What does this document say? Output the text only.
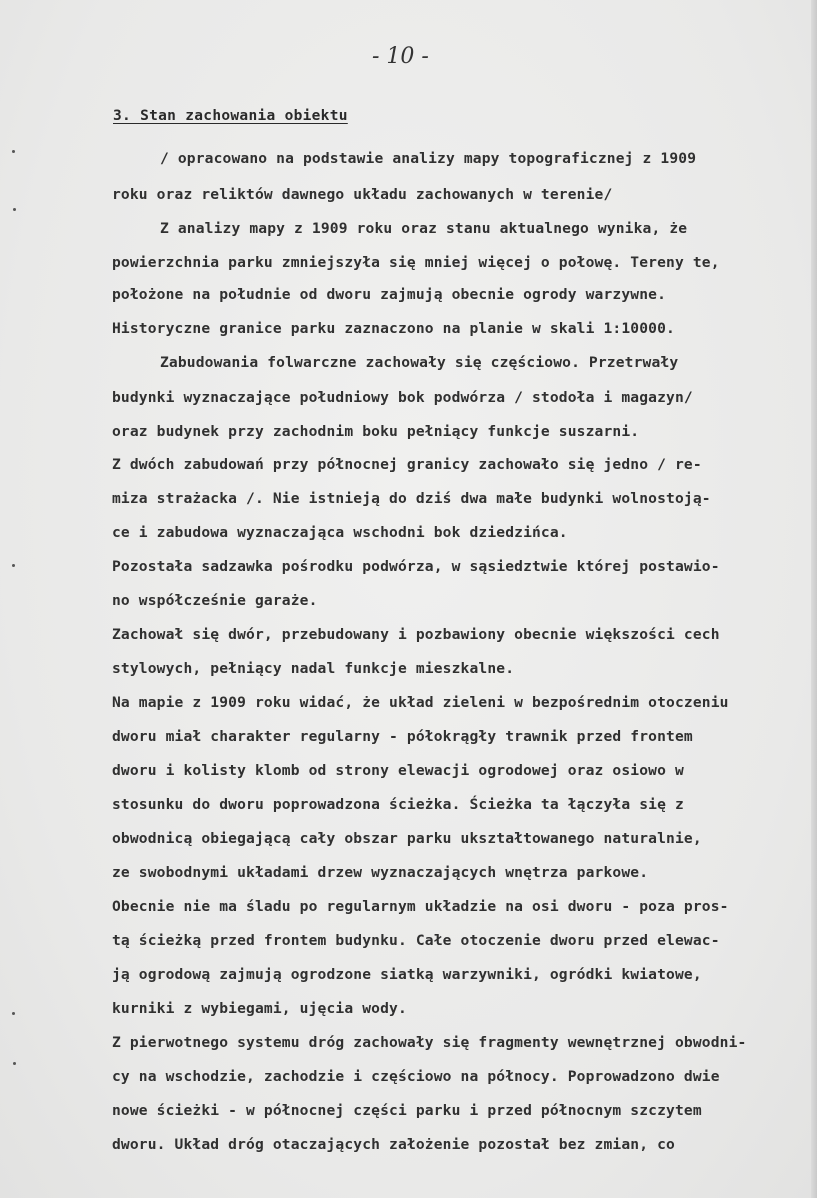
- 10 -
3. Stan zachowania obiektu
/ opracowano na podstawie analizy mapy topograficznej z 1909
roku oraz reliktów dawnego układu zachowanych w terenie/
Z analizy mapy z 1909 roku oraz stanu aktualnego wynika, że
powierzchnia parku zmniejszyła się mniej więcej o połowę. Tereny te,
położone na południe od dworu zajmują obecnie ogrody warzywne.
Historyczne granice parku zaznaczono na planie w skali 1:10000.
Zabudowania folwarczne zachowały się częściowo. Przetrwały
budynki wyznaczające południowy bok podwórza / stodoła i magazyn/
oraz budynek przy zachodnim boku pełniący funkcje suszarni.
Z dwóch zabudowań przy północnej granicy zachowało się jedno / re-
miza strażacka /. Nie istnieją do dziś dwa małe budynki wolnostoją-
ce i zabudowa wyznaczająca wschodni bok dziedzińca.
Pozostała sadzawka pośrodku podwórza, w sąsiedztwie której postawio-
no współcześnie garaże.
Zachował się dwór, przebudowany i pozbawiony obecnie większości cech
stylowych, pełniący nadal funkcje mieszkalne.
Na mapie z 1909 roku widać, że układ zieleni w bezpośrednim otoczeniu
dworu miał charakter regularny - półokrągły trawnik przed frontem
dworu i kolisty klomb od strony elewacji ogrodowej oraz osiowo w
stosunku do dworu poprowadzona ścieżka. Ścieżka ta łączyła się z
obwodnicą obiegającą cały obszar parku ukształtowanego naturalnie,
ze swobodnymi układami drzew wyznaczających wnętrza parkowe.
Obecnie nie ma śladu po regularnym układzie na osi dworu - poza pros-
tą ścieżką przed frontem budynku. Całe otoczenie dworu przed elewac-
ją ogrodową zajmują ogrodzone siatką warzywniki, ogródki kwiatowe,
kurniki z wybiegami, ujęcia wody.
Z pierwotnego systemu dróg zachowały się fragmenty wewnętrznej obwodni-
cy na wschodzie, zachodzie i częściowo na północy. Poprowadzono dwie
nowe ścieżki - w północnej części parku i przed północnym szczytem
dworu. Układ dróg otaczających założenie pozostał bez zmian, co
